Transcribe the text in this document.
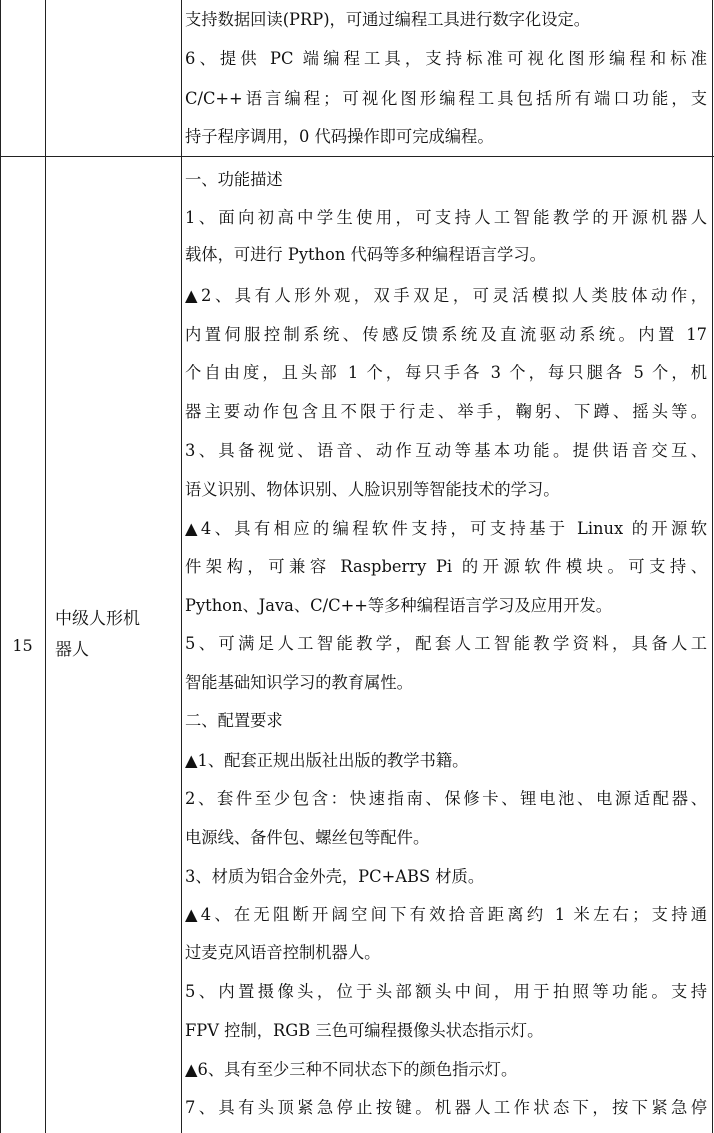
支持数据回读(PRP)，可通过编程工具进行数字化设定。
6、提供 PC 端编程工具，支持标准可视化图形编程和标准
C/C++语言编程；可视化图形编程工具包括所有端口功能，支
持子程序调用，0 代码操作即可完成编程。
15
中级人形机
器人
一、功能描述
1、面向初高中学生使用，可支持人工智能教学的开源机器人
载体，可进行 Python 代码等多种编程语言学习。
▲2、具有人形外观，双手双足，可灵活模拟人类肢体动作，
内置伺服控制系统、传感反馈系统及直流驱动系统。内置 17
个自由度，且头部 1 个，每只手各 3 个，每只腿各 5 个，机
器主要动作包含且不限于行走、举手，鞠躬、下蹲、摇头等。
3、具备视觉、语音、动作互动等基本功能。提供语音交互、
语义识别、物体识别、人脸识别等智能技术的学习。
▲4、具有相应的编程软件支持，可支持基于 Linux 的开源软
件架构，可兼容 Raspberry Pi 的开源软件模块。可支持、
Python、Java、C/C++等多种编程语言学习及应用开发。
5、可满足人工智能教学，配套人工智能教学资料，具备人工
智能基础知识学习的教育属性。
二、配置要求
▲1、配套正规出版社出版的教学书籍。
2、套件至少包含：快速指南、保修卡、锂电池、电源适配器、
电源线、备件包、螺丝包等配件。
3、材质为铝合金外壳，PC+ABS 材质。
▲4、在无阻断开阔空间下有效拾音距离约 1 米左右；支持通
过麦克风语音控制机器人。
5、内置摄像头，位于头部额头中间，用于拍照等功能。支持
FPV 控制，RGB 三色可编程摄像头状态指示灯。
▲6、具有至少三种不同状态下的颜色指示灯。
7、具有头顶紧急停止按键。机器人工作状态下，按下紧急停
